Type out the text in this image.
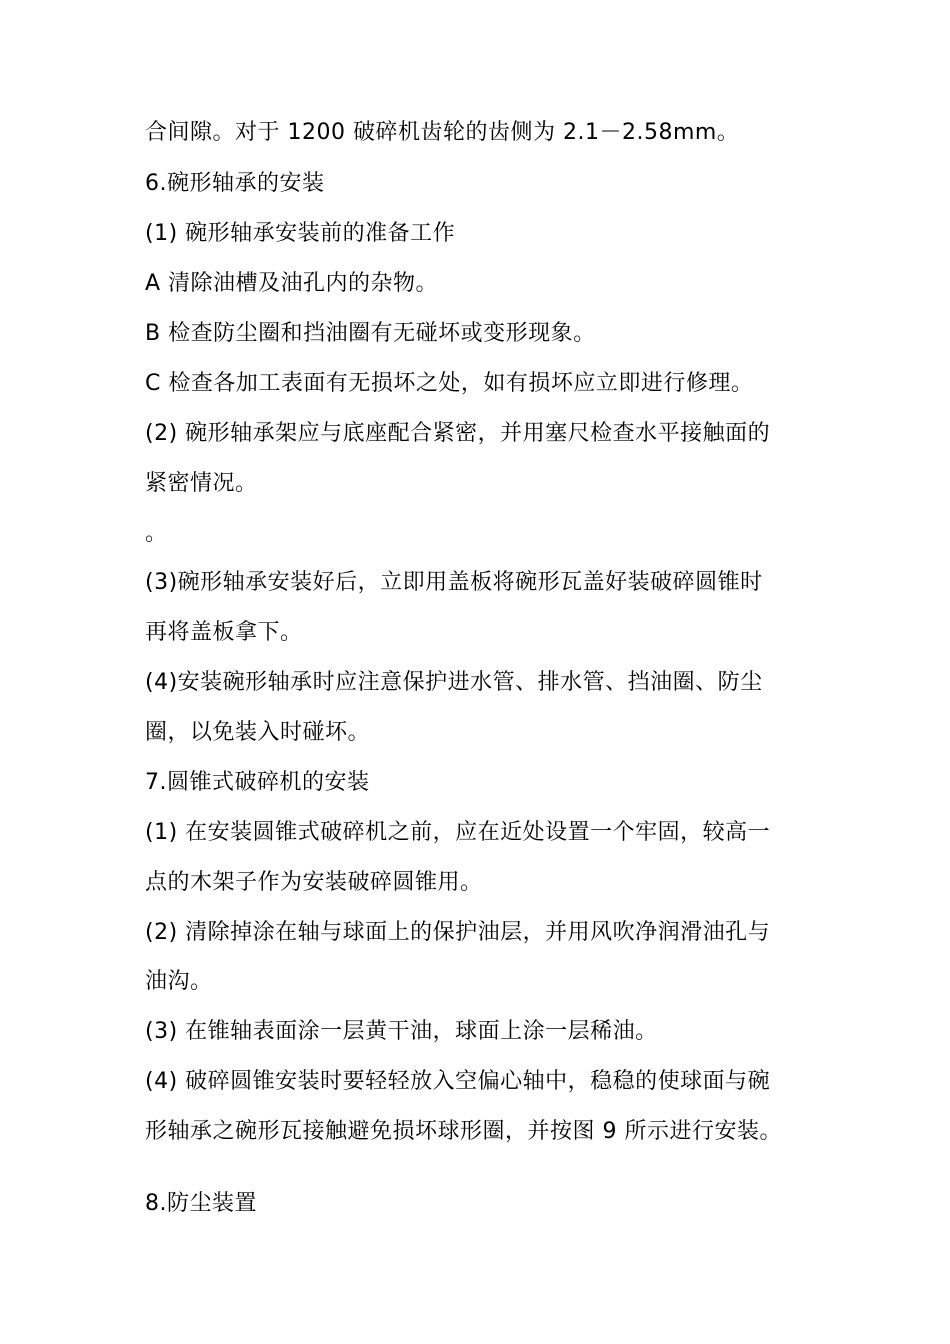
合间隙。对于 1200 破碎机齿轮的齿侧为 2.1－2.58mm。
6.碗形轴承的安装
(1) 碗形轴承安装前的准备工作
A 清除油槽及油孔内的杂物。
B 检查防尘圈和挡油圈有无碰坏或变形现象。
C 检查各加工表面有无损坏之处，如有损坏应立即进行修理。
(2) 碗形轴承架应与底座配合紧密，并用塞尺检查水平接触面的
紧密情况。
。
(3)碗形轴承安装好后，立即用盖板将碗形瓦盖好装破碎圆锥时
再将盖板拿下。
(4)安装碗形轴承时应注意保护进水管、排水管、挡油圈、防尘
圈，以免装入时碰坏。
7.圆锥式破碎机的安装
(1) 在安装圆锥式破碎机之前，应在近处设置一个牢固，较高一
点的木架子作为安装破碎圆锥用。
(2) 清除掉涂在轴与球面上的保护油层，并用风吹净润滑油孔与
油沟。
(3) 在锥轴表面涂一层黄干油，球面上涂一层稀油。
(4) 破碎圆锥安装时要轻轻放入空偏心轴中，稳稳的使球面与碗
形轴承之碗形瓦接触避免损坏球形圈，并按图 9 所示进行安装。
8.防尘装置
